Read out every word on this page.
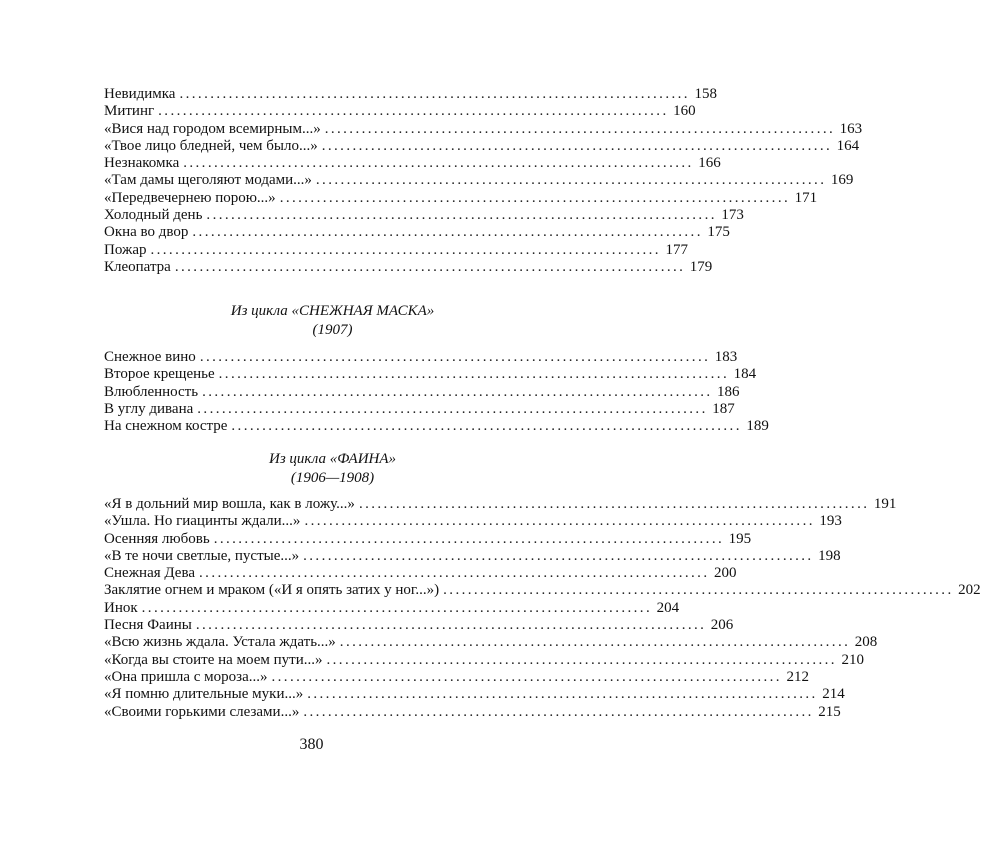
Невидимка ................................................................................... 158
Митинг ................................................................................... 160
«Вися над городом всемирным...» ................................................................................... 163
«Твое лицо бледней, чем было...» ................................................................................... 164
Незнакомка ................................................................................... 166
«Там дамы щеголяют модами...» ................................................................................... 169
«Передвечернею порою...» ................................................................................... 171
Холодный день ................................................................................... 173
Окна во двор ................................................................................... 175
Пожар ................................................................................... 177
Клеопатра ................................................................................... 179
Из цикла «СНЕЖНАЯ МАСКА»
(1907)
Снежное вино ................................................................................... 183
Второе крещенье ................................................................................... 184
Влюбленность ................................................................................... 186
В углу дивана ................................................................................... 187
На снежном костре ................................................................................... 189
Из цикла «ФАИНА»
(1906—1908)
«Я в дольний мир вошла, как в ложу...» ................................................................................... 191
«Ушла. Но гиацинты ждали...» ................................................................................... 193
Осенняя любовь ................................................................................... 195
«В те ночи светлые, пустые...» ................................................................................... 198
Снежная Дева ................................................................................... 200
Заклятие огнем и мраком («И я опять затих у ног...») ................................................................................... 202
Инок ................................................................................... 204
Песня Фаины ................................................................................... 206
«Всю жизнь ждала. Устала ждать...» ................................................................................... 208
«Когда вы стоите на моем пути...» ................................................................................... 210
«Она пришла с мороза...» ................................................................................... 212
«Я помню длительные муки...» ................................................................................... 214
«Своими горькими слезами...» ................................................................................... 215
380
